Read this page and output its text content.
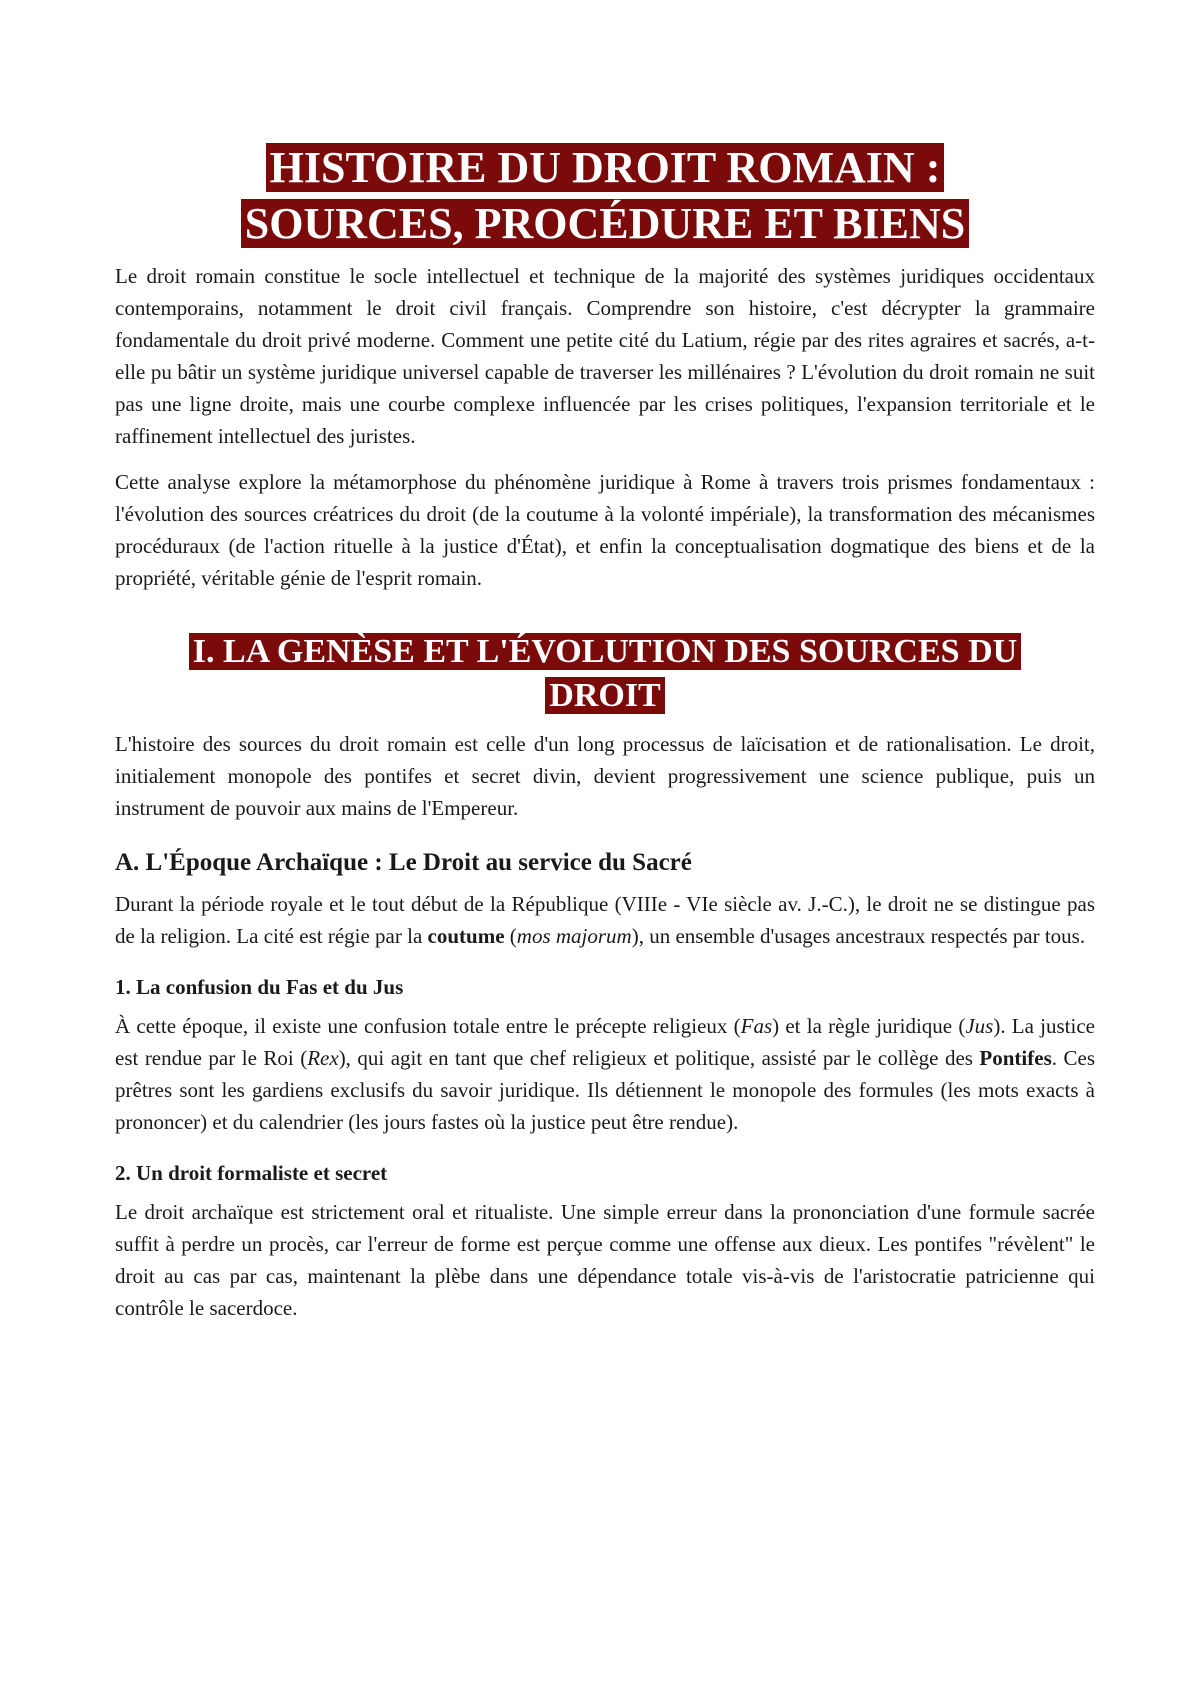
HISTOIRE DU DROIT ROMAIN :
SOURCES, PROCÉDURE ET BIENS

Le droit romain constitue le socle intellectuel et technique de la majorité des systèmes juridiques occidentaux contemporains, notamment le droit civil français. Comprendre son histoire, c'est décrypter la grammaire fondamentale du droit privé moderne. Comment une petite cité du Latium, régie par des rites agraires et sacrés, a-t-elle pu bâtir un système juridique universel capable de traverser les millénaires ? L'évolution du droit romain ne suit pas une ligne droite, mais une courbe complexe influencée par les crises politiques, l'expansion territoriale et le raffinement intellectuel des juristes.

Cette analyse explore la métamorphose du phénomène juridique à Rome à travers trois prismes fondamentaux : l'évolution des sources créatrices du droit (de la coutume à la volonté impériale), la transformation des mécanismes procéduraux (de l'action rituelle à la justice d'État), et enfin la conceptualisation dogmatique des biens et de la propriété, véritable génie de l'esprit romain.

I. LA GENÈSE ET L'ÉVOLUTION DES SOURCES DU
DROIT

L'histoire des sources du droit romain est celle d'un long processus de laïcisation et de rationalisation. Le droit, initialement monopole des pontifes et secret divin, devient progressivement une science publique, puis un instrument de pouvoir aux mains de l'Empereur.

A. L'Époque Archaïque : Le Droit au service du Sacré

Durant la période royale et le tout début de la République (VIIIe - VIe siècle av. J.-C.), le droit ne se distingue pas de la religion. La cité est régie par la coutume (mos majorum), un ensemble d'usages ancestraux respectés par tous.

1. La confusion du Fas et du Jus

À cette époque, il existe une confusion totale entre le précepte religieux (Fas) et la règle juridique (Jus). La justice est rendue par le Roi (Rex), qui agit en tant que chef religieux et politique, assisté par le collège des Pontifes. Ces prêtres sont les gardiens exclusifs du savoir juridique. Ils détiennent le monopole des formules (les mots exacts à prononcer) et du calendrier (les jours fastes où la justice peut être rendue).

2. Un droit formaliste et secret

Le droit archaïque est strictement oral et ritualiste. Une simple erreur dans la prononciation d'une formule sacrée suffit à perdre un procès, car l'erreur de forme est perçue comme une offense aux dieux. Les pontifes "révèlent" le droit au cas par cas, maintenant la plèbe dans une dépendance totale vis-à-vis de l'aristocratie patricienne qui contrôle le sacerdoce.
